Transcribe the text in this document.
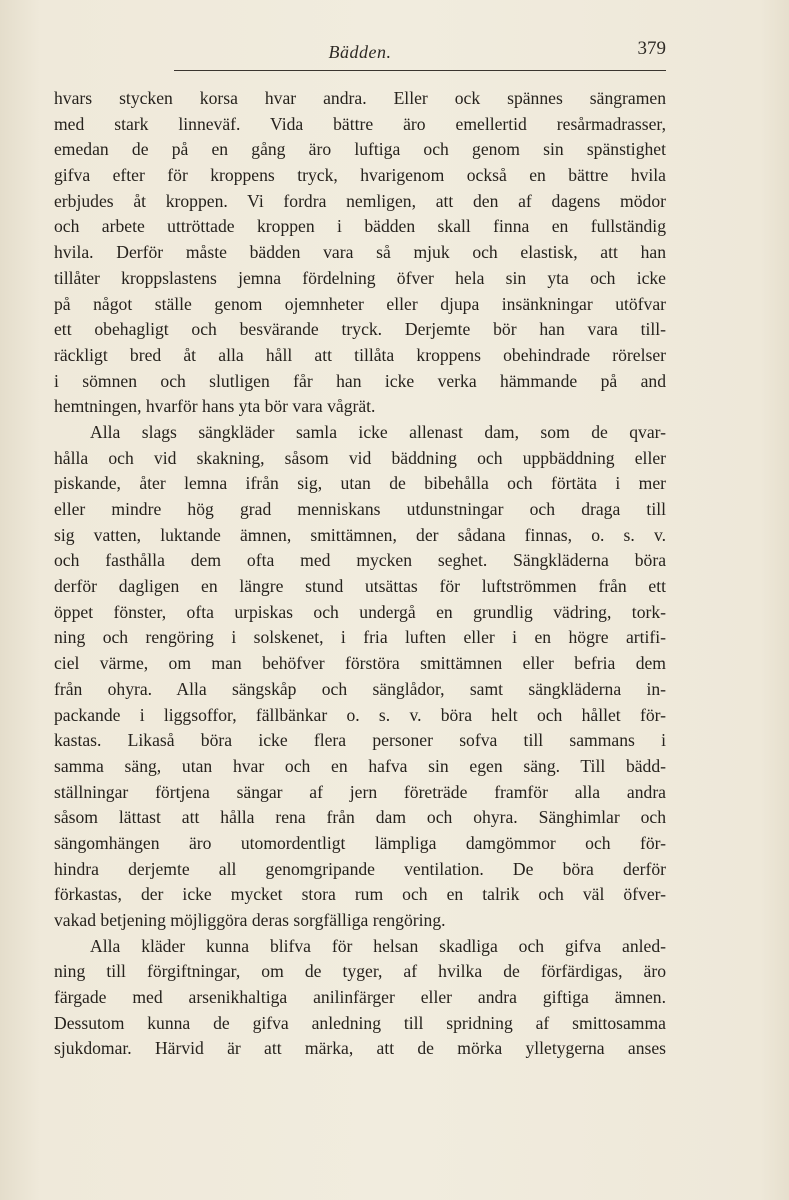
Bädden.	379
hvars stycken korsa hvar andra. Eller ock spännes sängramen
med stark linneväf. Vida bättre äro emellertid resårmadrasser,
emedan de på en gång äro luftiga och genom sin spänstighet
gifva efter för kroppens tryck, hvarigenom också en bättre hvila
erbjudes åt kroppen. Vi fordra nemligen, att den af dagens mödor
och arbete uttröttade kroppen i bädden skall finna en fullständig
hvila. Derför måste bädden vara så mjuk och elastisk, att han
tillåter kroppslastens jemna fördelning öfver hela sin yta och icke
på något ställe genom ojemnheter eller djupa insänkningar utöfvar
ett obehagligt och besvärande tryck. Derjemte bör han vara till-
räckligt bred åt alla håll att tillåta kroppens obehindrade rörelser
i sömnen och slutligen får han icke verka hämmande på and
hemtningen, hvarför hans yta bör vara vågrät.
Alla slags sängkläder samla icke allenast dam, som de qvar-
hålla och vid skakning, såsom vid bäddning och uppbäddning eller
piskande, åter lemna ifrån sig, utan de bibehålla och förtäta i mer
eller mindre hög grad menniskans utdunstningar och draga till
sig vatten, luktande ämnen, smittämnen, der sådana finnas, o. s. v.
och fasthålla dem ofta med mycken seghet. Sängkläderna böra
derför dagligen en längre stund utsättas för luftströmmen från ett
öppet fönster, ofta urpiskas och undergå en grundlig vädring, tork-
ning och rengöring i solskenet, i fria luften eller i en högre artifi-
ciel värme, om man behöfver förstöra smittämnen eller befria dem
från ohyra. Alla sängskåp och sänglådor, samt sängkläderna in-
packande i liggsoffor, fällbänkar o. s. v. böra helt och hållet för-
kastas. Likaså böra icke flera personer sofva till sammans i
samma säng, utan hvar och en hafva sin egen säng. Till bädd-
ställningar förtjena sängar af jern företräde framför alla andra
såsom lättast att hålla rena från dam och ohyra. Sänghimlar och
sängomhängen äro utomordentligt lämpliga damgömmor och för-
hindra derjemte all genomgripande ventilation. De böra derför
förkastas, der icke mycket stora rum och en talrik och väl öfver-
vakad betjening möjliggöra deras sorgfälliga rengöring.
Alla kläder kunna blifva för helsan skadliga och gifva anled-
ning till förgiftningar, om de tyger, af hvilka de förfärdigas, äro
färgade med arsenikhaltiga anilinfärger eller andra giftiga ämnen.
Dessutom kunna de gifva anledning till spridning af smittosamma
sjukdomar. Härvid är att märka, att de mörka ylletygerna anses
